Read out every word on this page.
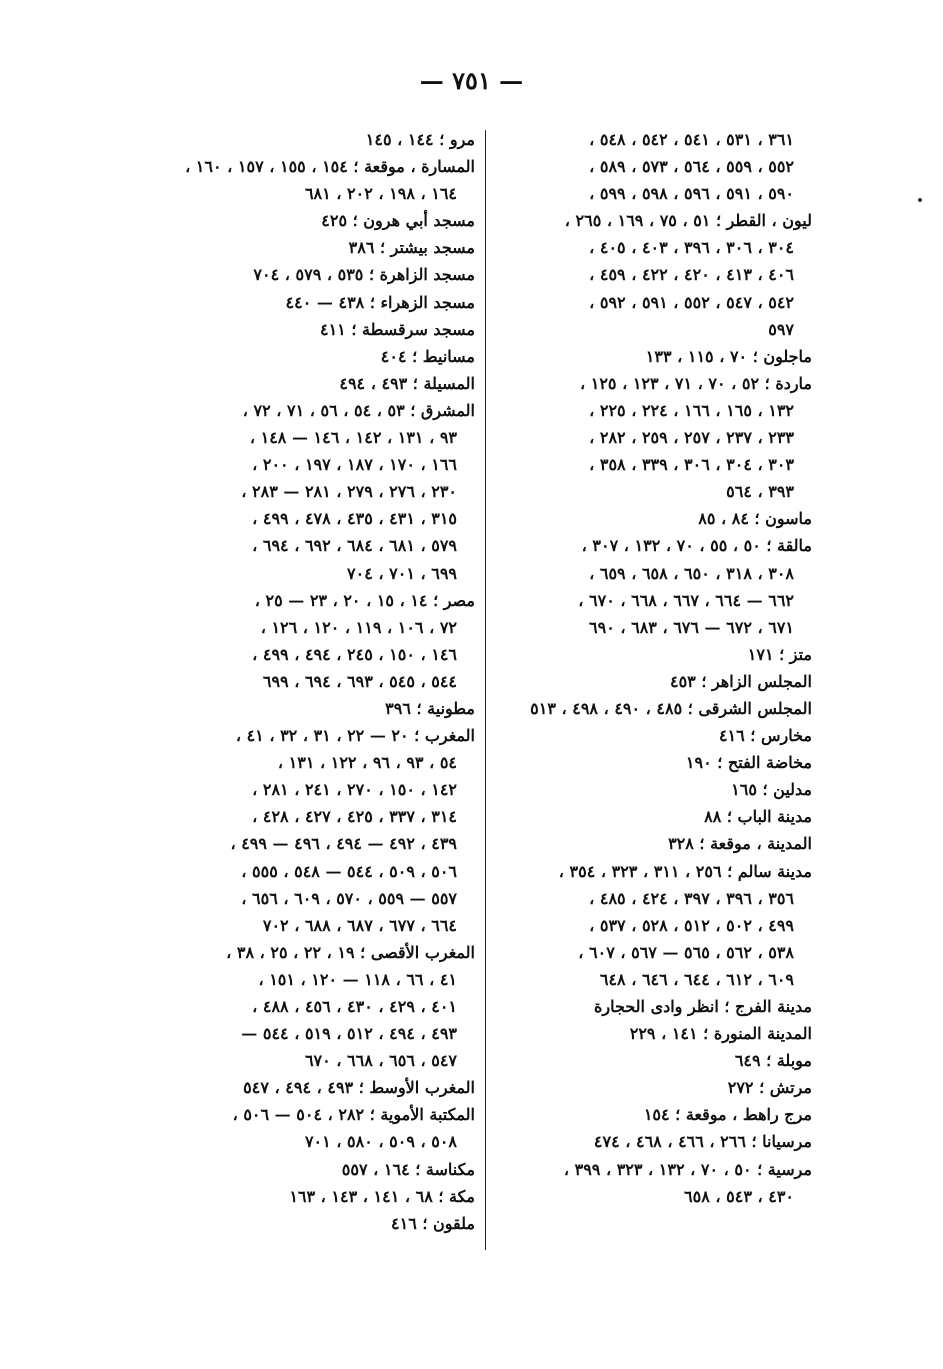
— ٧٥١ —
٣٦١ ، ٥٣١ ، ٥٤١ ، ٥٤٢ ، ٥٤٨ ،
٥٥٢ ، ٥٥٩ ، ٥٦٤ ، ٥٧٣ ، ٥٨٩ ،
٥٩٠ ، ٥٩١ ، ٥٩٦ ، ٥٩٨ ، ٥٩٩ ،
ليون ، القطر ؛ ٥١ ، ٧٥ ، ١٦٩ ، ٢٦٥ ،
٣٠٤ ، ٣٠٦ ، ٣٩٦ ، ٤٠٣ ، ٤٠٥ ،
٤٠٦ ، ٤١٣ ، ٤٢٠ ، ٤٢٢ ، ٤٥٩ ،
٥٤٢ ، ٥٤٧ ، ٥٥٢ ، ٥٩١ ، ٥٩٢ ،
٥٩٧
ماجلون ؛ ٧٠ ، ١١٥ ، ١٣٣
ماردة ؛ ٥٢ ، ٧٠ ، ٧١ ، ١٢٣ ، ١٢٥ ،
١٣٢ ، ١٦٥ ، ١٦٦ ، ٢٢٤ ، ٢٢٥ ،
٢٣٣ ، ٢٣٧ ، ٢٥٧ ، ٢٥٩ ، ٢٨٢ ،
٣٠٣ ، ٣٠٤ ، ٣٠٦ ، ٣٣٩ ، ٣٥٨ ،
٣٩٣ ، ٥٦٤
ماسون ؛ ٨٤ ، ٨٥
مالقة ؛ ٥٠ ، ٥٥ ، ٧٠ ، ١٣٢ ، ٣٠٧ ،
٣٠٨ ، ٣١٨ ، ٦٥٠ ، ٦٥٨ ، ٦٥٩ ،
٦٦٢ — ٦٦٤ ، ٦٦٧ ، ٦٦٨ ، ٦٧٠ ،
٦٧١ ، ٦٧٢ — ٦٧٦ ، ٦٨٣ ، ٦٩٠
متز ؛ ١٧١
المجلس الزاهر ؛ ٤٥٣
المجلس الشرقى ؛ ٤٨٥ ، ٤٩٠ ، ٤٩٨ ، ٥١٣
مخارس ؛ ٤١٦
مخاضة الفتح ؛ ١٩٠
مدلين ؛ ١٦٥
مدينة الباب ؛ ٨٨
المدينة ، موقعة ؛ ٣٢٨
مدينة سالم ؛ ٢٥٦ ، ٣١١ ، ٣٢٣ ، ٣٥٤ ،
٣٥٦ ، ٣٩٦ ، ٣٩٧ ، ٤٢٤ ، ٤٨٥ ،
٤٩٩ ، ٥٠٢ ، ٥١٢ ، ٥٢٨ ، ٥٣٧ ،
٥٣٨ ، ٥٦٢ ، ٥٦٥ — ٥٦٧ ، ٦٠٧ ،
٦٠٩ ، ٦١٢ ، ٦٤٤ ، ٦٤٦ ، ٦٤٨
مدينة الفرج ؛ انظر وادى الحجارة
المدينة المنورة ؛ ١٤١ ، ٢٢٩
موبلة ؛ ٦٤٩
مرتش ؛ ٢٧٢
مرج راهط ، موقعة ؛ ١٥٤
مرسيانا ؛ ٢٦٦ ، ٤٦٦ ، ٤٦٨ ، ٤٧٤
مرسية ؛ ٥٠ ، ٧٠ ، ١٣٢ ، ٣٢٣ ، ٣٩٩ ،
٤٣٠ ، ٥٤٣ ، ٦٥٨
مرو ؛ ١٤٤ ، ١٤٥
المسارة ، موقعة ؛ ١٥٤ ، ١٥٥ ، ١٥٧ ، ١٦٠ ،
١٦٤ ، ١٩٨ ، ٢٠٢ ، ٦٨١
مسجد أبي هرون ؛ ٤٢٥
مسجد بيشتر ؛ ٣٨٦
مسجد الزاهرة ؛ ٥٣٥ ، ٥٧٩ ، ٧٠٤
مسجد الزهراء ؛ ٤٣٨ — ٤٤٠
مسجد سرقسطة ؛ ٤١١
مسانيط ؛ ٤٠٤
المسيلة ؛ ٤٩٣ ، ٤٩٤
المشرق ؛ ٥٣ ، ٥٤ ، ٥٦ ، ٧١ ، ٧٢ ،
٩٣ ، ١٣١ ، ١٤٢ ، ١٤٦ — ١٤٨ ،
١٦٦ ، ١٧٠ ، ١٨٧ ، ١٩٧ ، ٢٠٠ ،
٢٣٠ ، ٢٧٦ ، ٢٧٩ ، ٢٨١ — ٢٨٣ ،
٣١٥ ، ٤٣١ ، ٤٣٥ ، ٤٧٨ ، ٤٩٩ ،
٥٧٩ ، ٦٨١ ، ٦٨٤ ، ٦٩٢ ، ٦٩٤ ،
٦٩٩ ، ٧٠١ ، ٧٠٤
مصر ؛ ١٤ ، ١٥ ، ٢٠ ، ٢٣ — ٢٥ ،
٧٢ ، ١٠٦ ، ١١٩ ، ١٢٠ ، ١٢٦ ،
١٤٦ ، ١٥٠ ، ٢٤٥ ، ٤٩٤ ، ٤٩٩ ،
٥٤٤ ، ٥٤٥ ، ٦٩٣ ، ٦٩٤ ، ٦٩٩
مطونية ؛ ٣٩٦
المغرب ؛ ٢٠ — ٢٢ ، ٣١ ، ٣٢ ، ٤١ ،
٥٤ ، ٩٣ ، ٩٦ ، ١٢٢ ، ١٣١ ،
١٤٢ ، ١٥٠ ، ٢٧٠ ، ٢٤١ ، ٢٨١ ،
٣١٤ ، ٣٣٧ ، ٤٢٥ ، ٤٢٧ ، ٤٢٨ ،
٤٣٩ ، ٤٩٢ — ٤٩٤ ، ٤٩٦ — ٤٩٩ ،
٥٠٦ ، ٥٠٩ ، ٥٤٤ — ٥٤٨ ، ٥٥٥ ،
٥٥٧ — ٥٥٩ ، ٥٧٠ ، ٦٠٩ ، ٦٥٦ ،
٦٦٤ ، ٦٧٧ ، ٦٨٧ ، ٦٨٨ ، ٧٠٢
المغرب الأقصى ؛ ١٩ ، ٢٢ ، ٢٥ ، ٣٨ ،
٤١ ، ٦٦ ، ١١٨ — ١٢٠ ، ١٥١ ،
٤٠١ ، ٤٢٩ ، ٤٣٠ ، ٤٥٦ ، ٤٨٨ ،
٤٩٣ ، ٤٩٤ ، ٥١٢ ، ٥١٩ ، ٥٤٤ —
٥٤٧ ، ٦٥٦ ، ٦٦٨ ، ٦٧٠
المغرب الأوسط ؛ ٤٩٣ ، ٤٩٤ ، ٥٤٧
المكتبة الأموية ؛ ٢٨٢ ، ٥٠٤ — ٥٠٦ ،
٥٠٨ ، ٥٠٩ ، ٥٨٠ ، ٧٠١
مكناسة ؛ ١٦٤ ، ٥٥٧
مكة ؛ ٦٨ ، ١٤١ ، ١٤٣ ، ١٦٣
ملقون ؛ ٤١٦
